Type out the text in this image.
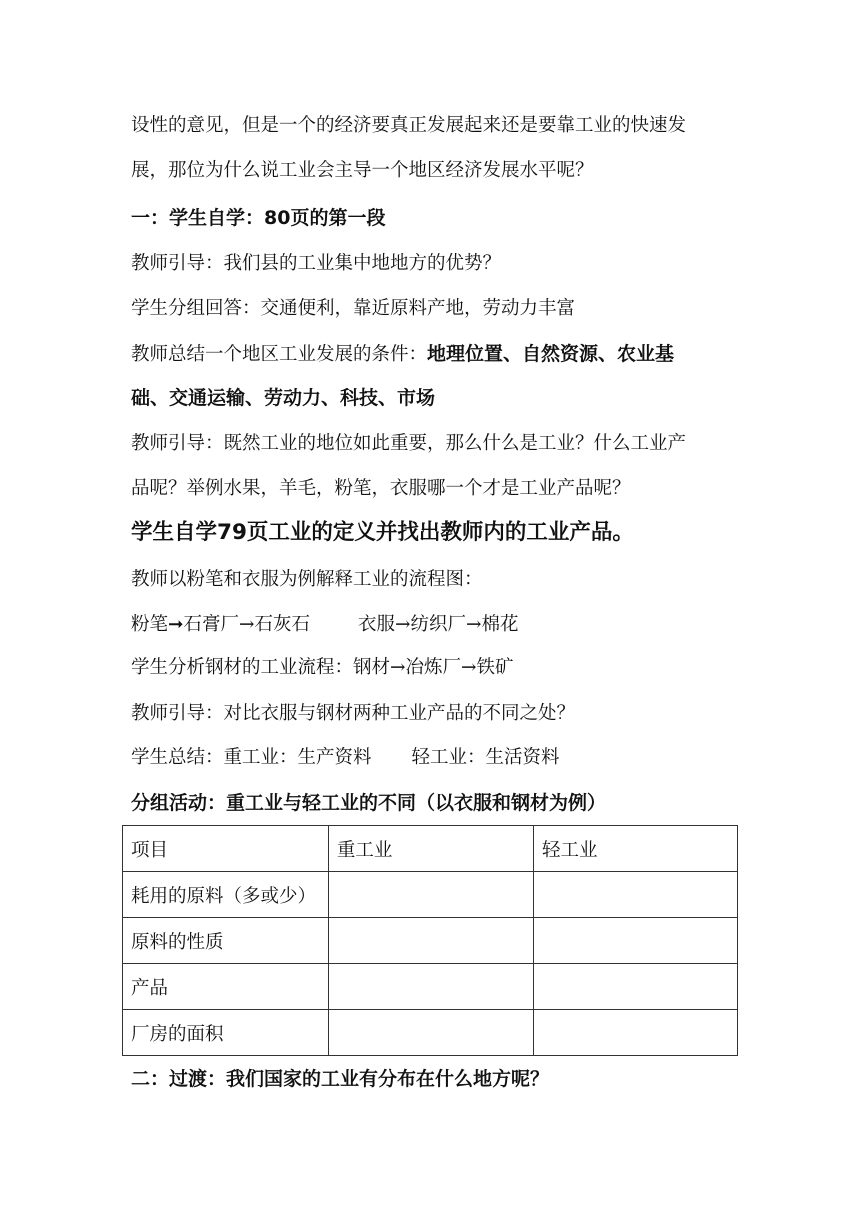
设性的意见，但是一个的经济要真正发展起来还是要靠工业的快速发
展，那位为什么说工业会主导一个地区经济发展水平呢？
一：学生自学：80页的第一段
教师引导：我们县的工业集中地地方的优势？
学生分组回答：交通便利，靠近原料产地，劳动力丰富
教师总结一个地区工业发展的条件：地理位置、自然资源、农业基
础、交通运输、劳动力、科技、市场
教师引导：既然工业的地位如此重要，那么什么是工业？什么工业产
品呢？举例水果，羊毛，粉笔，衣服哪一个才是工业产品呢？
学生自学79页工业的定义并找出教师内的工业产品。
教师以粉笔和衣服为例解释工业的流程图：
粉笔➞石膏厂→石灰石	衣服→纺织厂→棉花
学生分析钢材的工业流程：钢材→冶炼厂→铁矿
教师引导：对比衣服与钢材两种工业产品的不同之处？
学生总结：重工业：生产资料 轻工业：生活资料
分组活动：重工业与轻工业的不同（以衣服和钢材为例）
项目	重工业	轻工业
耗用的原料（多或少）		
原料的性质		
产品		
厂房的面积		
二：过渡：我们国家的工业有分布在什么地方呢？
